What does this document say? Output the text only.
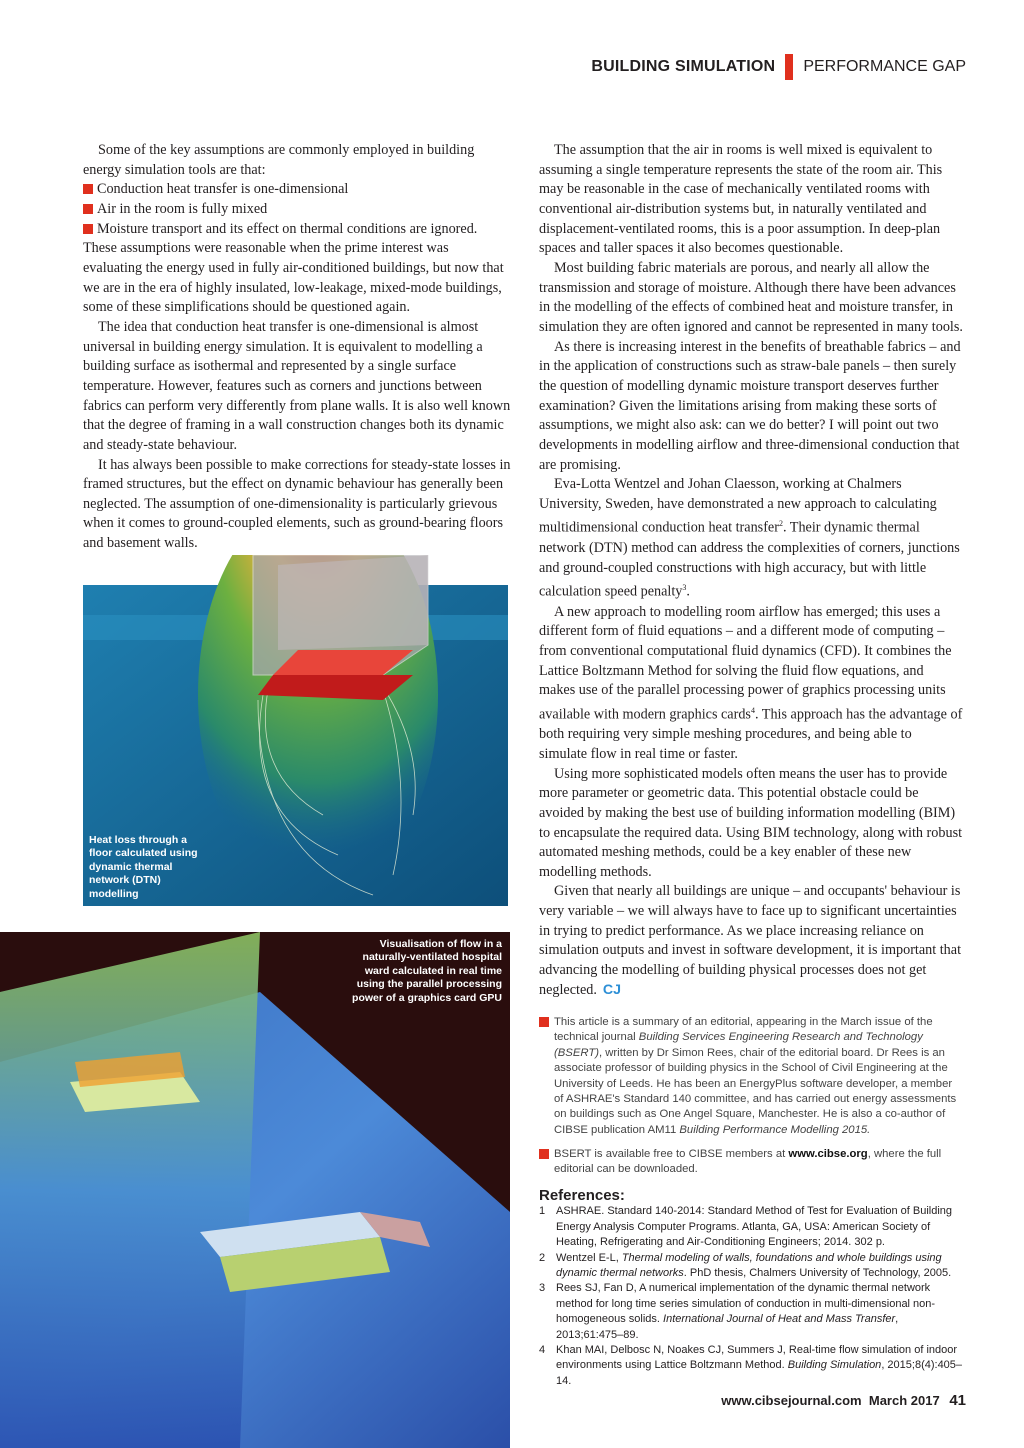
BUILDING SIMULATION PERFORMANCE GAP

Some of the key assumptions are commonly employed in building energy simulation tools are that:

Conduction heat transfer is one-dimensional

Air in the room is fully mixed

Moisture transport and its effect on thermal conditions are ignored.

These assumptions were reasonable when the prime interest was evaluating the energy used in fully air-conditioned buildings, but now that we are in the era of highly insulated, low-leakage, mixed-mode buildings, some of these simplifications should be questioned again.

The idea that conduction heat transfer is one-dimensional is almost universal in building energy simulation. It is equivalent to modelling a building surface as isothermal and represented by a single surface temperature. However, features such as corners and junctions between fabrics can perform very differently from plane walls. It is also well known that the degree of framing in a wall construction changes both its dynamic and steady-state behaviour.

It has always been possible to make corrections for steady-state losses in framed structures, but the effect on dynamic behaviour has generally been neglected. The assumption of one-dimensionality is particularly grievous when it comes to ground-coupled elements, such as ground-bearing floors and basement walls.

Heat loss through a floor calculated using dynamic thermal network (DTN) modelling
Visualisation of flow in a naturally-ventilated hospital ward calculated in real time using the parallel processing power of a graphics card GPU

The assumption that the air in rooms is well mixed is equivalent to assuming a single temperature represents the state of the room air. This may be reasonable in the case of mechanically ventilated rooms with conventional air-distribution systems but, in naturally ventilated and displacement-ventilated rooms, this is a poor assumption. In deep-plan spaces and taller spaces it also becomes questionable.

Most building fabric materials are porous, and nearly all allow the transmission and storage of moisture. Although there have been advances in the modelling of the effects of combined heat and moisture transfer, in simulation they are often ignored and cannot be represented in many tools.

As there is increasing interest in the benefits of breathable fabrics – and in the application of constructions such as straw-bale panels – then surely the question of modelling dynamic moisture transport deserves further examination? Given the limitations arising from making these sorts of assumptions, we might also ask: can we do better? I will point out two developments in modelling airflow and three-dimensional conduction that are promising.

Eva-Lotta Wentzel and Johan Claesson, working at Chalmers University, Sweden, have demonstrated a new approach to calculating multidimensional conduction heat transfer$^2$. Their dynamic thermal network (DTN) method can address the complexities of corners, junctions and ground-coupled constructions with high accuracy, but with little calculation speed penalty$^3$.

A new approach to modelling room airflow has emerged; this uses a different form of fluid equations – and a different mode of computing – from conventional computational fluid dynamics (CFD). It combines the Lattice Boltzmann Method for solving the fluid flow equations, and makes use of the parallel processing power of graphics processing units available with modern graphics cards$^4$. This approach has the advantage of both requiring very simple meshing procedures, and being able to simulate flow in real time or faster.

Using more sophisticated models often means the user has to provide more parameter or geometric data. This potential obstacle could be avoided by making the best use of building information modelling (BIM) to encapsulate the required data. Using BIM technology, along with robust automated meshing methods, could be a key enabler of these new modelling methods.

Given that nearly all buildings are unique – and occupants' behaviour is very variable – we will always have to face up to significant uncertainties in trying to predict performance. As we place increasing reliance on simulation outputs and invest in software development, it is important that advancing the modelling of building physical processes does not get neglected. CJ

This article is a summary of an editorial, appearing in the March issue of the technical journal Building Services Engineering Research and Technology (BSERT), written by Dr Simon Rees, chair of the editorial board. Dr Rees is an associate professor of building physics in the School of Civil Engineering at the University of Leeds. He has been an EnergyPlus software developer, a member of ASHRAE's Standard 140 committee, and has carried out energy assessments on buildings such as One Angel Square, Manchester. He is also a co-author of CIBSE publication AM11 Building Performance Modelling 2015.
BSERT is available free to CIBSE members at www.cibse.org, where the full editorial can be downloaded.
References:
1 ASHRAE. Standard 140-2014: Standard Method of Test for Evaluation of Building Energy Analysis Computer Programs. Atlanta, GA, USA: American Society of Heating, Refrigerating and Air-Conditioning Engineers; 2014. 302 p.
2 Wentzel E-L, Thermal modeling of walls, foundations and whole buildings using dynamic thermal networks. PhD thesis, Chalmers University of Technology, 2005.
3 Rees SJ, Fan D, A numerical implementation of the dynamic thermal network method for long time series simulation of conduction in multi-dimensional non-homogeneous solids. International Journal of Heat and Mass Transfer, 2013;61:475–89.
4 Khan MAI, Delbosc N, Noakes CJ, Summers J, Real-time flow simulation of indoor environments using Lattice Boltzmann Method. Building Simulation, 2015;8(4):405–14.
www.cibsejournal.com March 2017 41
